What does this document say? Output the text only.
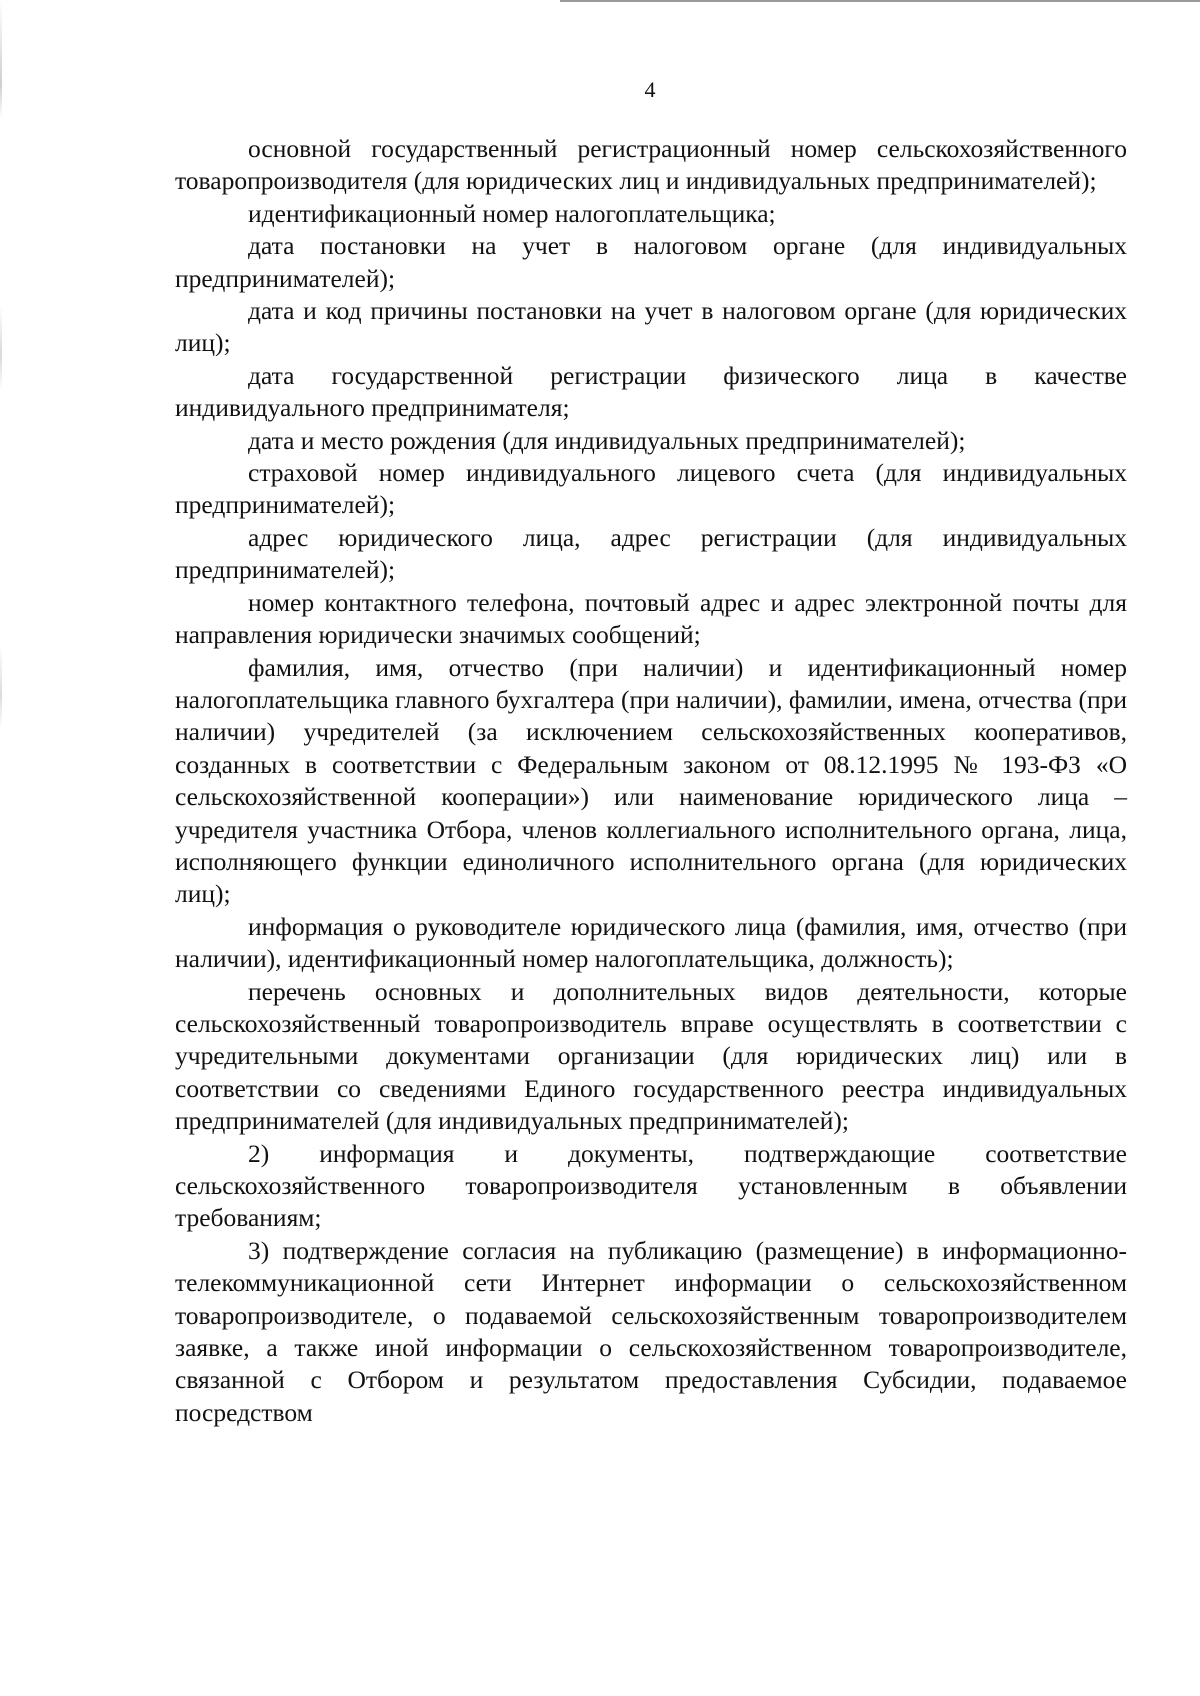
4

основной государственный регистрационный номер сельскохозяйственного товаропроизводителя (для юридических лиц и индивидуальных предпринимателей);

идентификационный номер налогоплательщика;

дата постановки на учет в налоговом органе (для индивидуальных предпринимателей);

дата и код причины постановки на учет в налоговом органе (для юридических лиц);

дата государственной регистрации физического лица в качестве индивидуального предпринимателя;

дата и место рождения (для индивидуальных предпринимателей);

страховой номер индивидуального лицевого счета (для индивидуальных предпринимателей);

адрес юридического лица, адрес регистрации (для индивидуальных предпринимателей);

номер контактного телефона, почтовый адрес и адрес электронной почты для направления юридически значимых сообщений;

фамилия, имя, отчество (при наличии) и идентификационный номер налогоплательщика главного бухгалтера (при наличии), фамилии, имена, отчества (при наличии) учредителей (за исключением сельскохозяйственных кооперативов, созданных в соответствии с Федеральным законом от 08.12.1995 № 193-ФЗ «О сельскохозяйственной кооперации») или наименование юридического лица – учредителя участника Отбора, членов коллегиального исполнительного органа, лица, исполняющего функции единоличного исполнительного органа (для юридических лиц);

информация о руководителе юридического лица (фамилия, имя, отчество (при наличии), идентификационный номер налогоплательщика, должность);

перечень основных и дополнительных видов деятельности, которые сельскохозяйственный товаропроизводитель вправе осуществлять в соответствии с учредительными документами организации (для юридических лиц) или в соответствии со сведениями Единого государственного реестра индивидуальных предпринимателей (для индивидуальных предпринимателей);

2) информация и документы, подтверждающие соответствие сельскохозяйственного товаропроизводителя установленным в объявлении требованиям;

3) подтверждение согласия на публикацию (размещение) в информационно-телекоммуникационной сети Интернет информации о сельскохозяйственном товаропроизводителе, о подаваемой сельскохозяйственным товаропроизводителем заявке, а также иной информации о сельскохозяйственном товаропроизводителе, связанной с Отбором и результатом предоставления Субсидии, подаваемое посредством
